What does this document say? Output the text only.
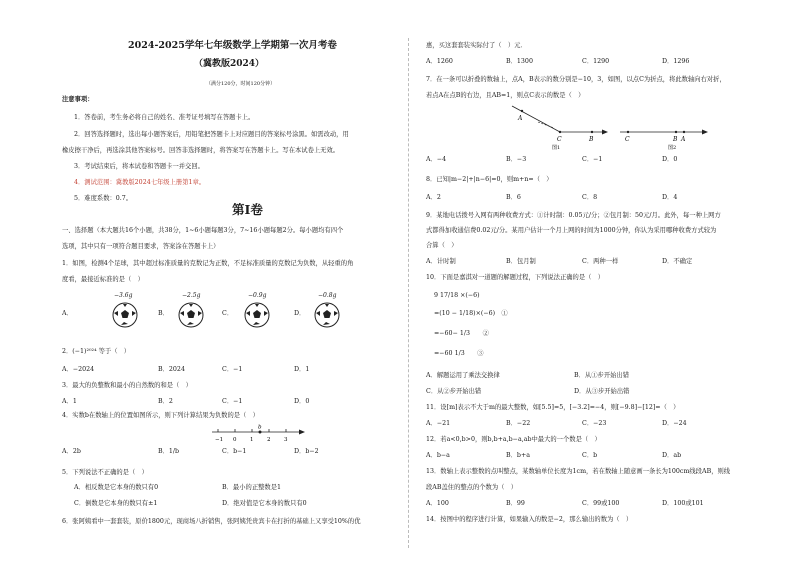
2024-2025学年七年级数学上学期第一次月考卷
（冀教版2024）
（满分120分，时间120分钟）
注意事项：
1．答卷前，考生务必将自己的姓名、准考证号填写在答题卡上。
2．回答选择题时，选出每小题答案后，用铅笔把答题卡上对应题目的答案标号涂黑。如需改动，用
橡皮擦干净后，再选涂其他答案标号。回答非选择题时，将答案写在答题卡上。写在本试卷上无效。
3．考试结束后，将本试卷和答题卡一并交回。
4．测试范围：冀教版2024七年级上册第1章。
5．难度系数：0.7。
第Ⅰ卷
一、选择题（本大题共16个小题，共38分，1~6小题每题3分，7~16小题每题2分。每小题均有四个
选项，其中只有一项符合题目要求，答案涂在答题卡上）
1．如图，检测4个足球，其中超过标准质量的克数记为正数，不足标准质量的克数记为负数，从轻重的角
度看，最接近标准的是（　）
A．
−3.6g
B．
−2.5g
C．
−0.9g
D．
−0.8g
2．(−1)²⁰²⁴ 等于（　）
A．−2024	B．2024	C．−1	D．1
3．最大的负整数和最小的自然数的和是（　）
A．1	B．2	C．−1	D．0
4．实数b在数轴上的位置如图所示，则下列计算结果为负数的是（　）
b
−1 0 1 2 3
A．2b	B．1/b	C．b−1	D．b−2
5．下列说法不正确的是（　）
A．相反数是它本身的数只有0	B．最小的正整数是1
C．倒数是它本身的数只有±1	D．绝对值是它本身的数只有0
6．张阿姨看中一套套装，原价1800元，现商场八折销售，张阿姨凭贵宾卡在打折的基础上又享受10%的优
惠，买这套套装实际付了（　）元．
A．1260	B．1300	C．1290	D．1296
7．在一条可以折叠的数轴上，点A，B表示的数分别是−10，3，如图，以点C为折点，将此数轴向右对折，
若点A在点B的右边，且AB=1，则点C表示的数是（　）
A
C	B
图1
C	B A
图2
A．−4	B．−3	C．−1	D．0
8．已知|m−2|+|n−6|=0，则m+n=（　）
A．2	B．6	C．8	D．4
9．某地电话拨号入网有两种收费方式：①计时制：0.05元/分；②包月制：50元/月。此外，每一种上网方
式都得加收通信费0.02元/分。某用户估计一个月上网的时间为1000分钟，你认为采用哪种收费方式较为
合算（　）
A．计时制	B．包月制	C．两种一样	D．不确定
10．下面是嘉淇对一道题的解题过程，下列说法正确的是（　）
9 17/18 ×(−6)
=(10 − 1/18)×(−6)　①
=−60− 1/3　　②
=−60 1/3　　③
A．解题运用了乘法交换律	B．从①步开始出错
C．从②步开始出错	D．从③步开始出错
11．设[m]表示不大于m的最大整数，如[5.5]=5，[−3.2]=−4，则[−9.8]−[12]=（　）
A．−21	B．−22	C．−23	D．−24
12．若a<0,b>0，则b,b+a,b−a,ab中最大的一个数是（　）
A．b−a	B．b+a	C．b	D．ab
13．数轴上表示整数的点叫整点，某数轴单位长度为1cm，若在数轴上随意画一条长为100cm线段AB，则线
段AB盖住的整点的个数为（　）
A．100	B．99	C．99或100	D．100或101
14．按图中的程序进行计算，如果输入的数是−2，那么输出的数为（　）
